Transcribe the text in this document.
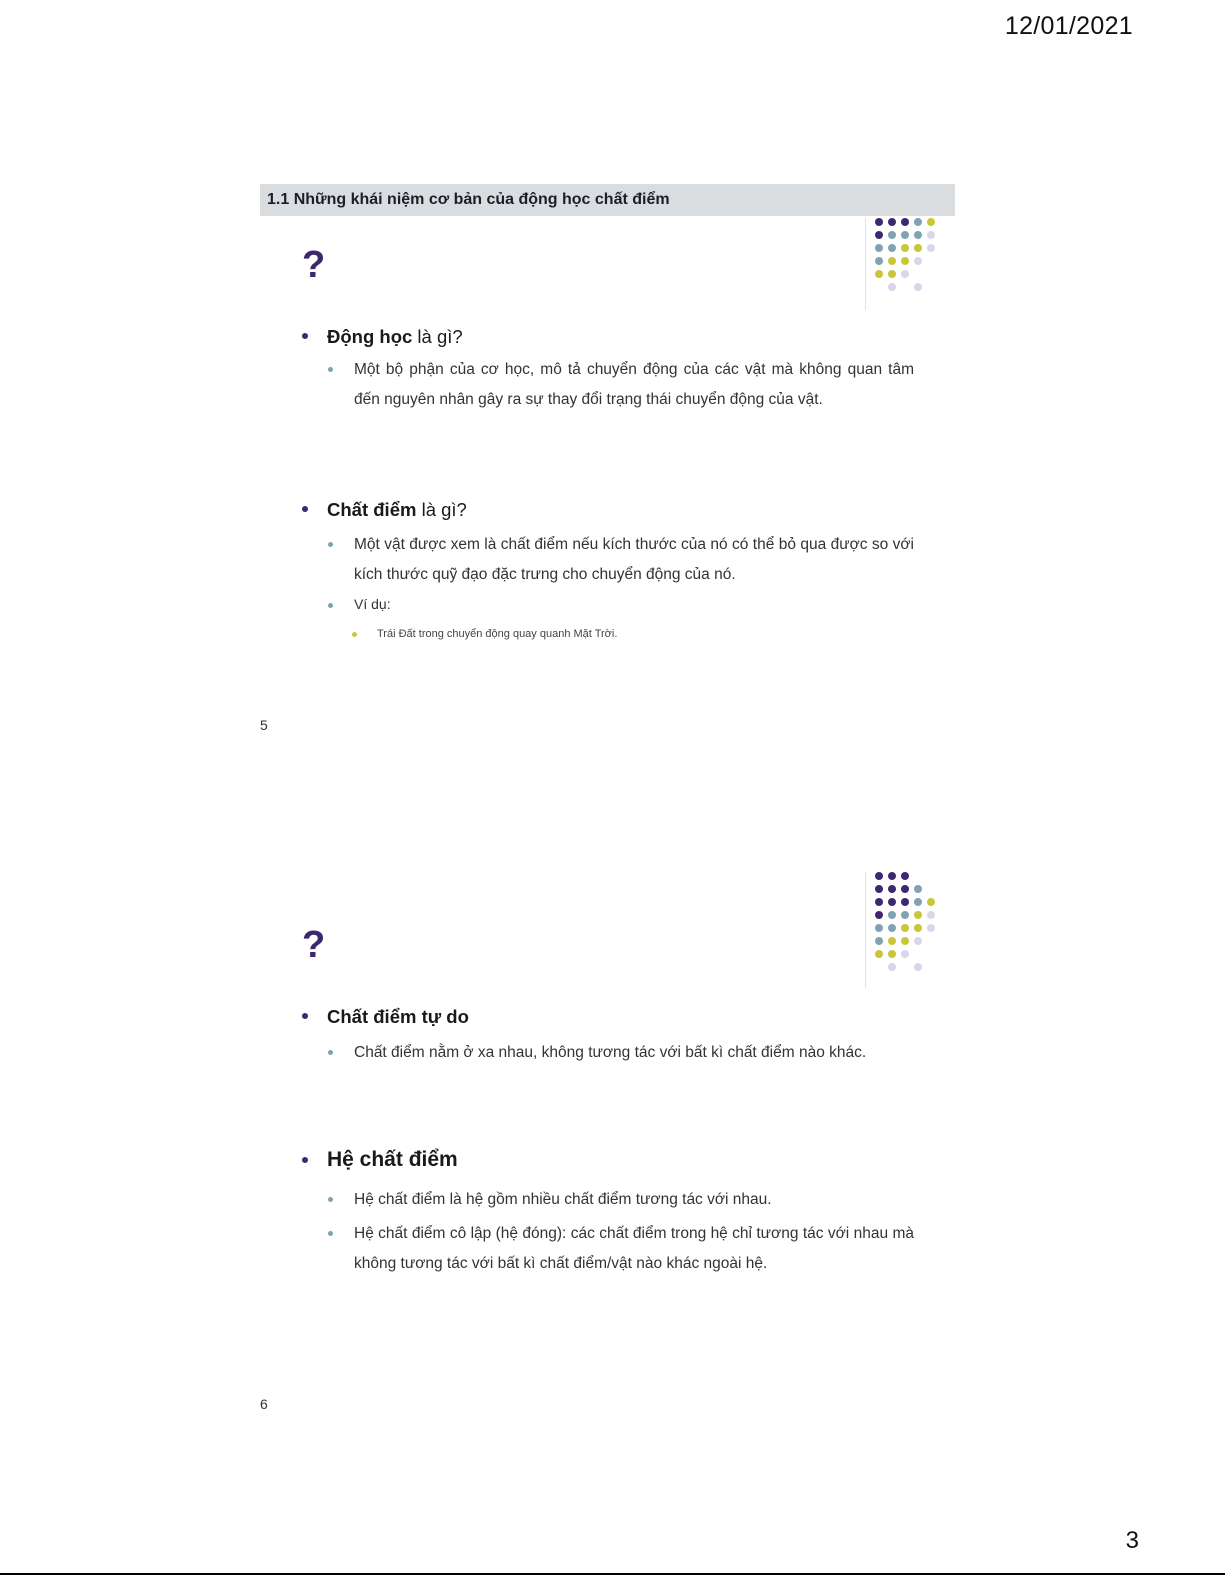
12/01/2021
1.1 Những khái niệm cơ bản của động học chất điểm
?
Động học là gì?
Một bộ phận của cơ học, mô tả chuyển động của các vật mà không quan tâm đến nguyên nhân gây ra sự thay đổi trạng thái chuyển động của vật.
Chất điểm là gì?
Một vật được xem là chất điểm nếu kích thước của nó có thể bỏ qua được so với kích thước quỹ đạo đặc trưng cho chuyển động của nó.
Ví dụ:
Trái Đất trong chuyển động quay quanh Mặt Trời.
5
?
Chất điểm tự do
Chất điểm nằm ở xa nhau, không tương tác với bất kì chất điểm nào khác.
Hệ chất điểm
Hệ chất điểm là hệ gồm nhiều chất điểm tương tác với nhau.
Hệ chất điểm cô lập (hệ đóng): các chất điểm trong hệ chỉ tương tác với nhau mà không tương tác với bất kì chất điểm/vật nào khác ngoài hệ.
6
3
